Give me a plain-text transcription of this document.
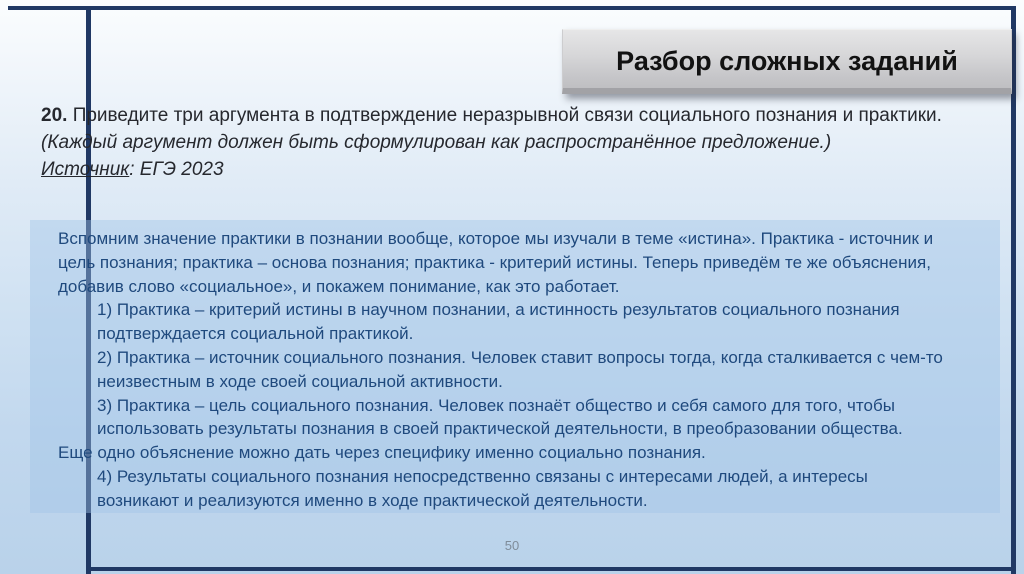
Разбор сложных заданий
20. Приведите три аргумента в подтверждение неразрывной связи социального познания и практики.
(Каждый аргумент должен быть сформулирован как распространённое предложение.)
Источник: ЕГЭ 2023
Вспомним значение практики в познании вообще, которое мы изучали в теме «истина». Практика - источник и
цель познания; практика – основа познания; практика - критерий истины. Теперь приведём те же объяснения,
добавив слово «социальное», и покажем понимание, как это работает.
1) Практика – критерий истины в научном познании, а истинность результатов социального познания
подтверждается социальной практикой.
2) Практика – источник социального познания. Человек ставит вопросы тогда, когда сталкивается с чем-то
неизвестным в ходе своей социальной активности.
3) Практика – цель социального познания. Человек познаёт общество и себя самого для того, чтобы
использовать результаты познания в своей практической деятельности, в преобразовании общества.
Еще одно объяснение можно дать через специфику именно социально познания.
4) Результаты социального познания непосредственно связаны с интересами людей, а интересы
возникают и реализуются именно в ходе практической деятельности.
50
